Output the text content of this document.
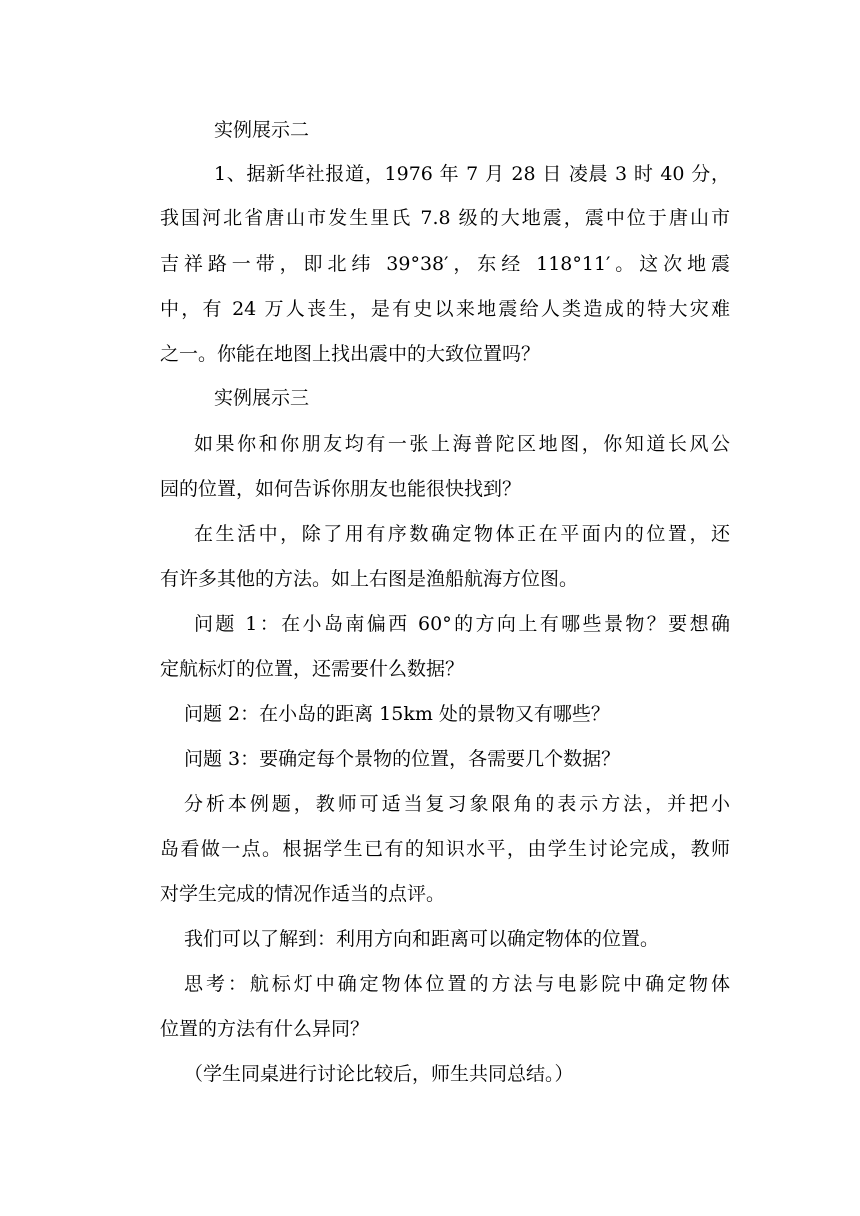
实例展示二
1、据新华社报道，1976 年 7 月 28 日 凌晨 3 时 40 分，
我国河北省唐山市发生里氏 7.8 级的大地震，震中位于唐山市
吉祥路一带，即北纬 39°38′，东经 118°11′。这次地震
中，有 24 万人丧生，是有史以来地震给人类造成的特大灾难
之一。你能在地图上找出震中的大致位置吗？
实例展示三
如果你和你朋友均有一张上海普陀区地图，你知道长风公
园的位置，如何告诉你朋友也能很快找到？
在生活中，除了用有序数确定物体正在平面内的位置，还
有许多其他的方法。如上右图是渔船航海方位图。
问题 1：在小岛南偏西 60°的方向上有哪些景物？要想确
定航标灯的位置，还需要什么数据？
问题 2：在小岛的距离 15km 处的景物又有哪些？
问题 3：要确定每个景物的位置，各需要几个数据？
分析本例题，教师可适当复习象限角的表示方法，并把小
岛看做一点。根据学生已有的知识水平，由学生讨论完成，教师
对学生完成的情况作适当的点评。
我们可以了解到：利用方向和距离可以确定物体的位置。
思考：航标灯中确定物体位置的方法与电影院中确定物体
位置的方法有什么异同？
（学生同桌进行讨论比较后，师生共同总结。）
